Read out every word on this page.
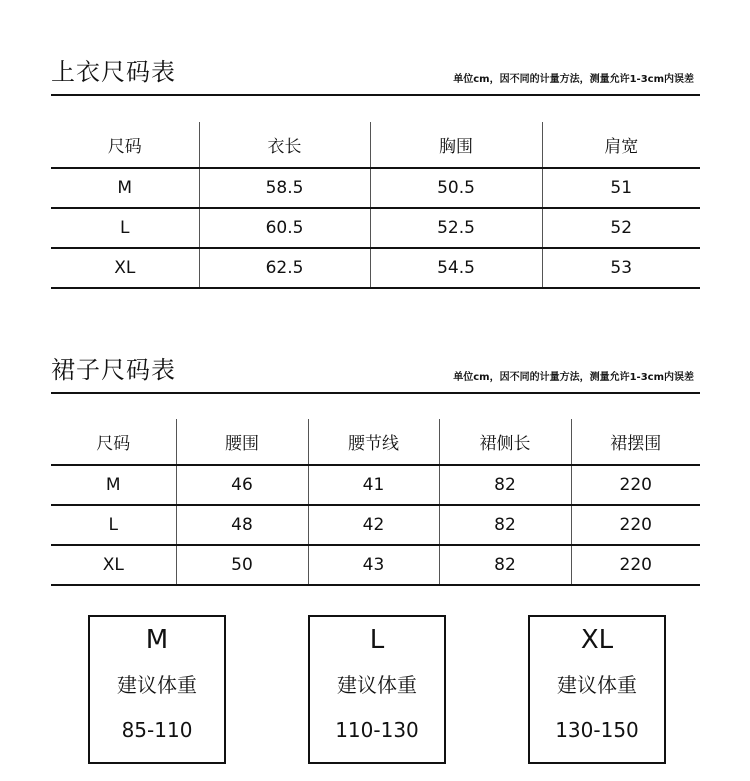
上衣尺码表	单位cm，因不同的计量方法，测量允许1-3cm内误差
尺码	衣长	胸围	肩宽
M	58.5	50.5	51
L	60.5	52.5	52
XL	62.5	54.5	53
裙子尺码表	单位cm，因不同的计量方法，测量允许1-3cm内误差
尺码	腰围	腰节线	裙侧长	裙摆围
M	46	41	82	220
L	48	42	82	220
XL	50	43	82	220
M
建议体重
85-110
L
建议体重
110-130
XL
建议体重
130-150
